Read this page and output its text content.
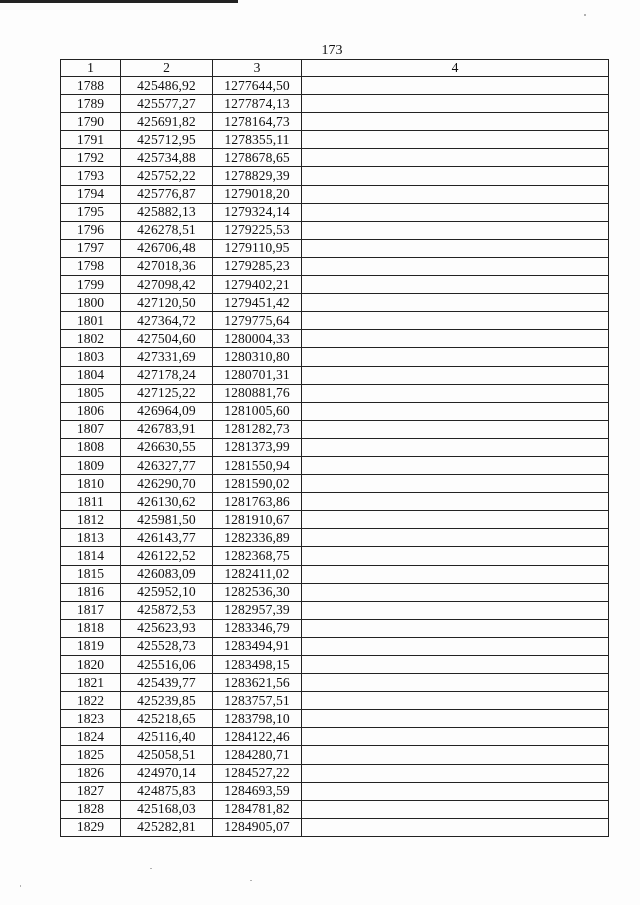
173
1	2	3	4
1788	425486,92	1277644,50	
1789	425577,27	1277874,13	
1790	425691,82	1278164,73	
1791	425712,95	1278355,11	
1792	425734,88	1278678,65	
1793	425752,22	1278829,39	
1794	425776,87	1279018,20	
1795	425882,13	1279324,14	
1796	426278,51	1279225,53	
1797	426706,48	1279110,95	
1798	427018,36	1279285,23	
1799	427098,42	1279402,21	
1800	427120,50	1279451,42	
1801	427364,72	1279775,64	
1802	427504,60	1280004,33	
1803	427331,69	1280310,80	
1804	427178,24	1280701,31	
1805	427125,22	1280881,76	
1806	426964,09	1281005,60	
1807	426783,91	1281282,73	
1808	426630,55	1281373,99	
1809	426327,77	1281550,94	
1810	426290,70	1281590,02	
1811	426130,62	1281763,86	
1812	425981,50	1281910,67	
1813	426143,77	1282336,89	
1814	426122,52	1282368,75	
1815	426083,09	1282411,02	
1816	425952,10	1282536,30	
1817	425872,53	1282957,39	
1818	425623,93	1283346,79	
1819	425528,73	1283494,91	
1820	425516,06	1283498,15	
1821	425439,77	1283621,56	
1822	425239,85	1283757,51	
1823	425218,65	1283798,10	
1824	425116,40	1284122,46	
1825	425058,51	1284280,71	
1826	424970,14	1284527,22	
1827	424875,83	1284693,59	
1828	425168,03	1284781,82	
1829	425282,81	1284905,07	
